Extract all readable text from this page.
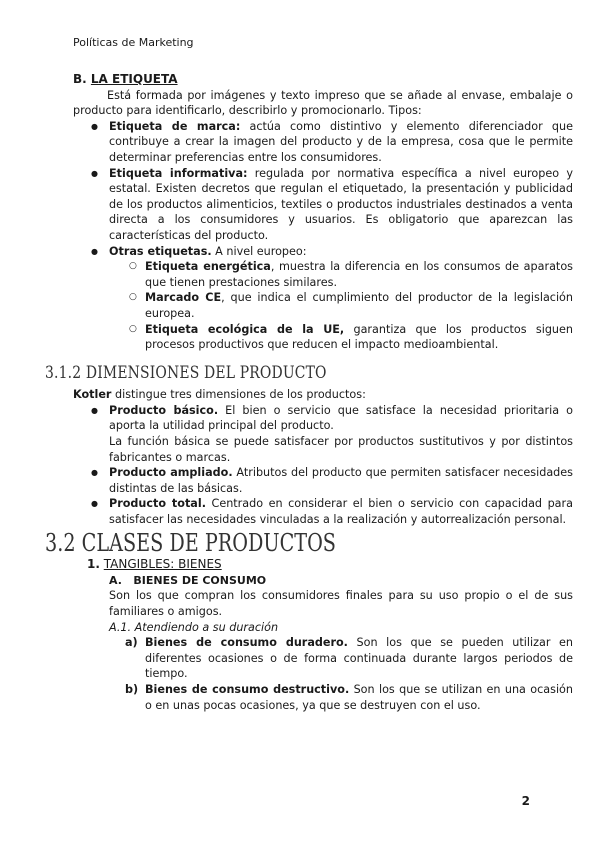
Políticas de Marketing
B. LA ETIQUETA
Está formada por imágenes y texto impreso que se añade al envase, embalaje o producto para identificarlo, describirlo y promocionarlo. Tipos:
● Etiqueta de marca: actúa como distintivo y elemento diferenciador que contribuye a crear la imagen del producto y de la empresa, cosa que le permite determinar preferencias entre los consumidores.
● Etiqueta informativa: regulada por normativa específica a nivel europeo y estatal. Existen decretos que regulan el etiquetado, la presentación y publicidad de los productos alimenticios, textiles o productos industriales destinados a venta directa a los consumidores y usuarios. Es obligatorio que aparezcan las características del producto.
● Otras etiquetas. A nivel europeo:
○ Etiqueta energética, muestra la diferencia en los consumos de aparatos que tienen prestaciones similares.
○ Marcado CE, que indica el cumplimiento del productor de la legislación europea.
○ Etiqueta ecológica de la UE, garantiza que los productos siguen procesos productivos que reducen el impacto medioambiental.
3.1.2 DIMENSIONES DEL PRODUCTO
Kotler distingue tres dimensiones de los productos:
● Producto básico. El bien o servicio que satisface la necesidad prioritaria o aporta la utilidad principal del producto.
La función básica se puede satisfacer por productos sustitutivos y por distintos fabricantes o marcas.
● Producto ampliado. Atributos del producto que permiten satisfacer necesidades distintas de las básicas.
● Producto total. Centrado en considerar el bien o servicio con capacidad para satisfacer las necesidades vinculadas a la realización y autorrealización personal.
3.2 CLASES DE PRODUCTOS
1. TANGIBLES: BIENES
A. BIENES DE CONSUMO
Son los que compran los consumidores finales para su uso propio o el de sus familiares o amigos.
A.1. Atendiendo a su duración
a) Bienes de consumo duradero. Son los que se pueden utilizar en diferentes ocasiones o de forma continuada durante largos periodos de tiempo.
b) Bienes de consumo destructivo. Son los que se utilizan en una ocasión o en unas pocas ocasiones, ya que se destruyen con el uso.
2
